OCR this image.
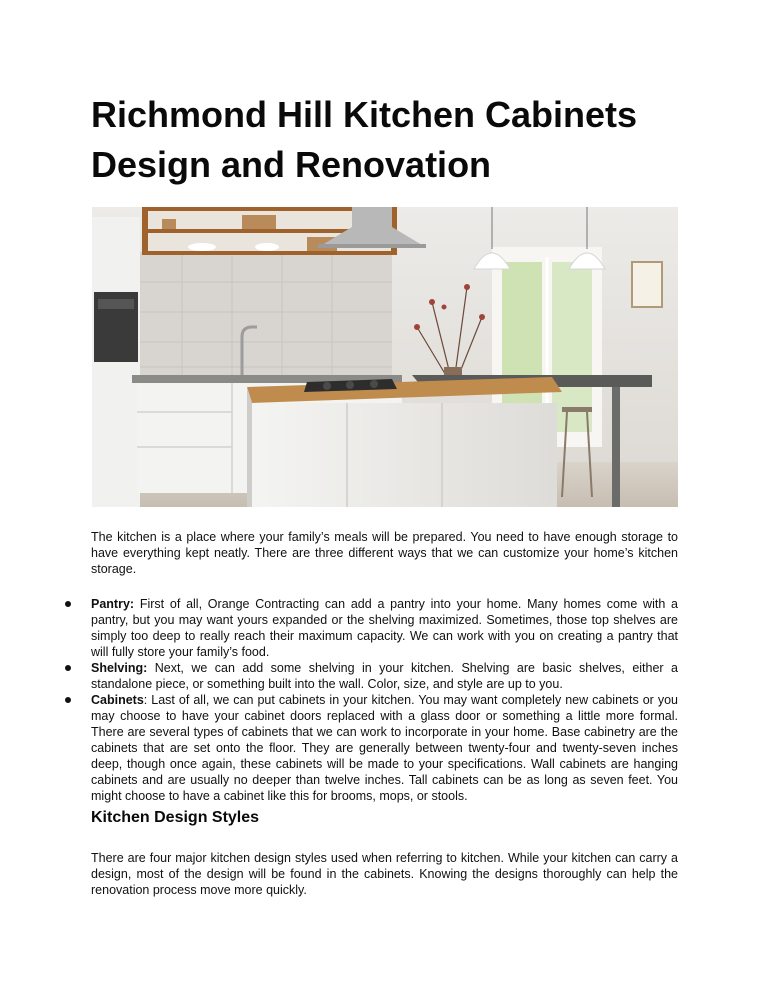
Richmond Hill Kitchen Cabinets
Design and Renovation

The kitchen is a place where your family’s meals will be prepared. You need to have enough storage to have everything kept neatly. There are three different ways that we can customize your home’s kitchen storage.

Pantry: First of all, Orange Contracting can add a pantry into your home. Many homes come with a pantry, but you may want yours expanded or the shelving maximized. Sometimes, those top shelves are simply too deep to really reach their maximum capacity. We can work with you on creating a pantry that will fully store your family’s food.
Shelving: Next, we can add some shelving in your kitchen. Shelving are basic shelves, either a standalone piece, or something built into the wall. Color, size, and style are up to you.
Cabinets: Last of all, we can put cabinets in your kitchen. You may want completely new cabinets or you may choose to have your cabinet doors replaced with a glass door or something a little more formal. There are several types of cabinets that we can work to incorporate in your home. Base cabinetry are the cabinets that are set onto the floor. They are generally between twenty-four and twenty-seven inches deep, though once again, these cabinets will be made to your specifications. Wall cabinets are hanging cabinets and are usually no deeper than twelve inches. Tall cabinets can be as long as seven feet. You might choose to have a cabinet like this for brooms, mops, or stools.
Kitchen Design Styles

There are four major kitchen design styles used when referring to kitchen. While your kitchen can carry a design, most of the design will be found in the cabinets. Knowing the designs thoroughly can help the renovation process move more quickly.
